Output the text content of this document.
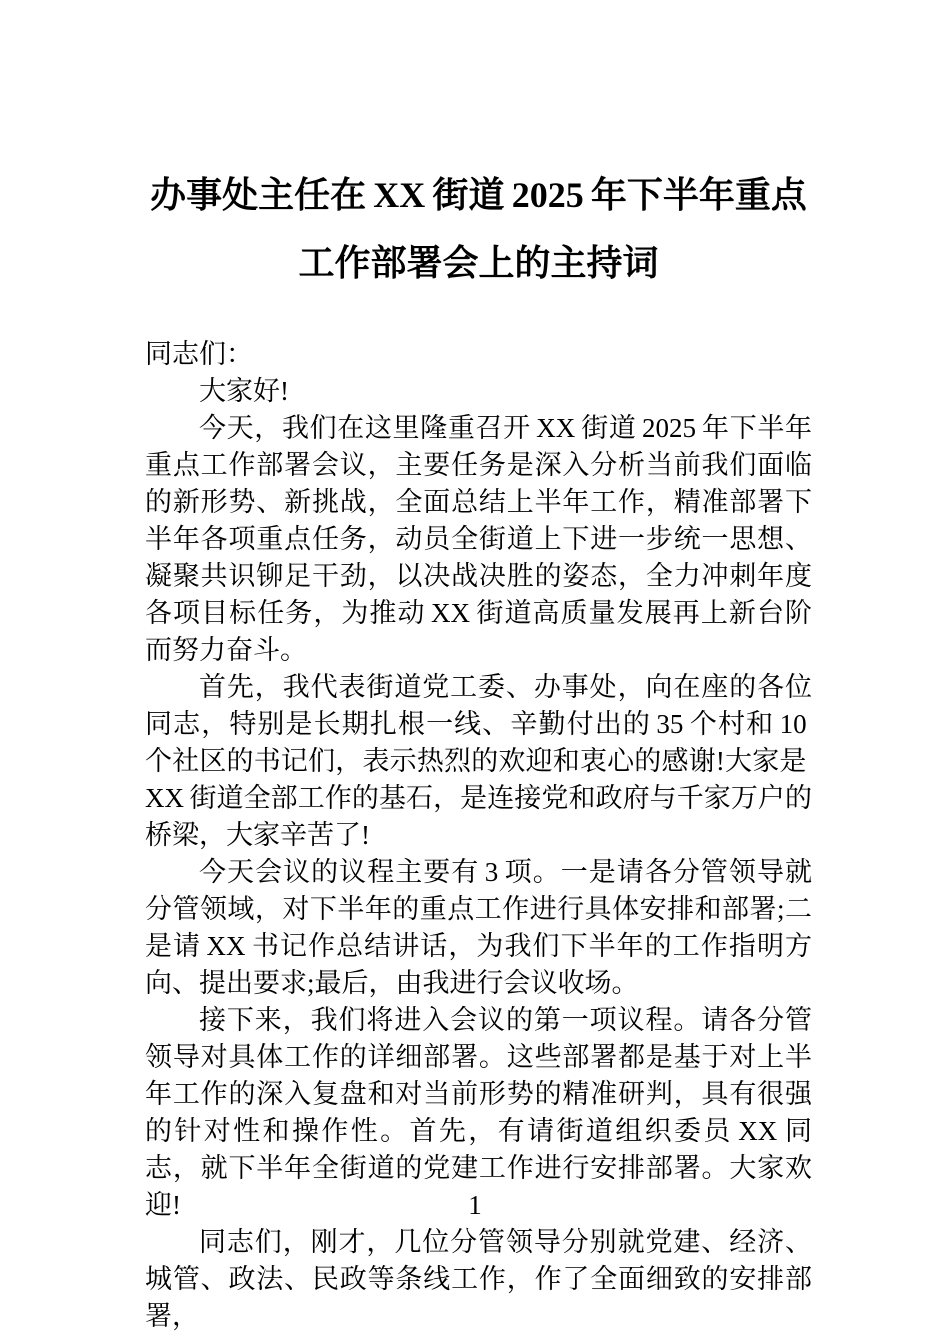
办事处主任在 XX 街道 2025 年下半年重点
工作部署会上的主持词

同志们：

大家好!

今天，我们在这里隆重召开 XX 街道 2025 年下半年重点工作部署会议，主要任务是深入分析当前我们面临的新形势、新挑战，全面总结上半年工作，精准部署下半年各项重点任务，动员全街道上下进一步统一思想、凝聚共识铆足干劲，以决战决胜的姿态，全力冲刺年度各项目标任务，为推动 XX 街道高质量发展再上新台阶而努力奋斗。

首先，我代表街道党工委、办事处，向在座的各位同志，特别是长期扎根一线、辛勤付出的 35 个村和 10 个社区的书记们，表示热烈的欢迎和衷心的感谢!大家是 XX 街道全部工作的基石，是连接党和政府与千家万户的桥梁，大家辛苦了!

今天会议的议程主要有 3 项。一是请各分管领导就分管领域，对下半年的重点工作进行具体安排和部署;二是请 XX 书记作总结讲话，为我们下半年的工作指明方向、提出要求;最后，由我进行会议收场。

接下来，我们将进入会议的第一项议程。请各分管领导对具体工作的详细部署。这些部署都是基于对上半年工作的深入复盘和对当前形势的精准研判，具有很强的针对性和操作性。首先，有请街道组织委员 XX 同志，就下半年全街道的党建工作进行安排部署。大家欢迎!

同志们，刚才，几位分管领导分别就党建、经济、城管、政法、民政等条线工作，作了全面细致的安排部署，

1
